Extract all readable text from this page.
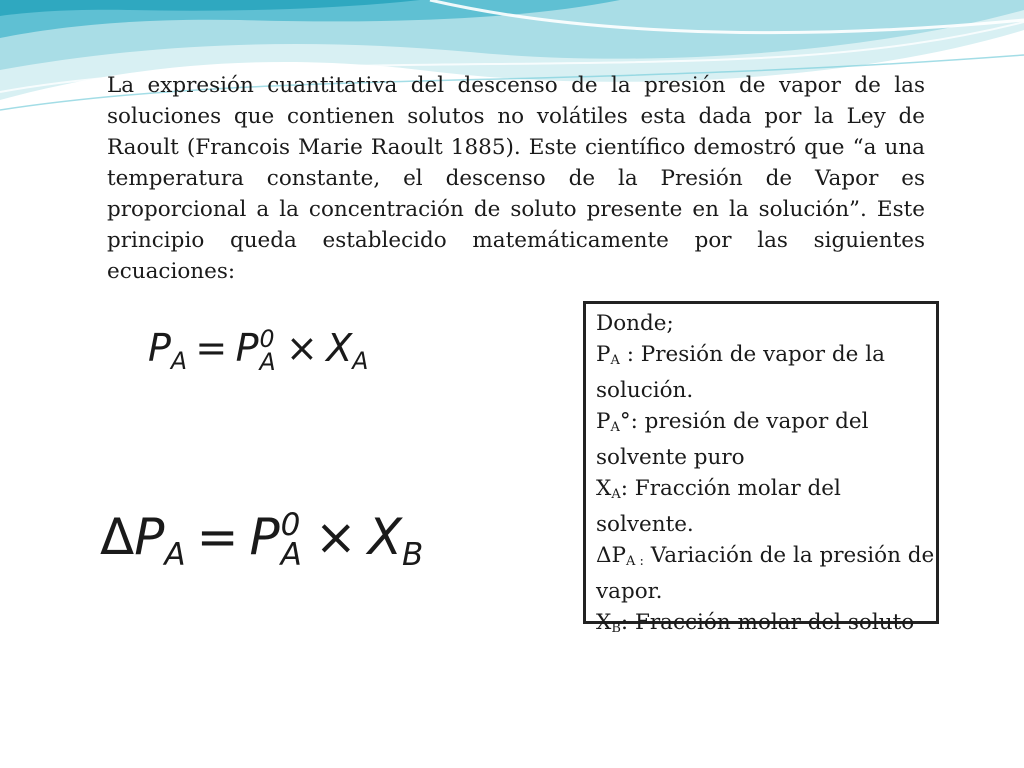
La expresión cuantitativa del descenso de la presión de vapor de las soluciones que contienen solutos no volátiles esta dada por la Ley de Raoult (Francois Marie Raoult 1885). Este científico demostró que “a una temperatura constante, el descenso de la Presión de Vapor es proporcional a la concentración de soluto presente en la solución”. Este principio queda establecido matemáticamente por las siguientes ecuaciones:

$P_A = P$ 0
$A \times X_A$
$\Delta P_A = P$ 0
$A \times X_B$

Donde;

$P_A$ : Presión de vapor de la solución.

$P_A^\circ$: presión de vapor del solvente puro

$X_A$: Fracción molar del solvente.

$\Delta P_{A :}$ Variación de la presión de vapor.

$X_B$: Fracción molar del soluto
